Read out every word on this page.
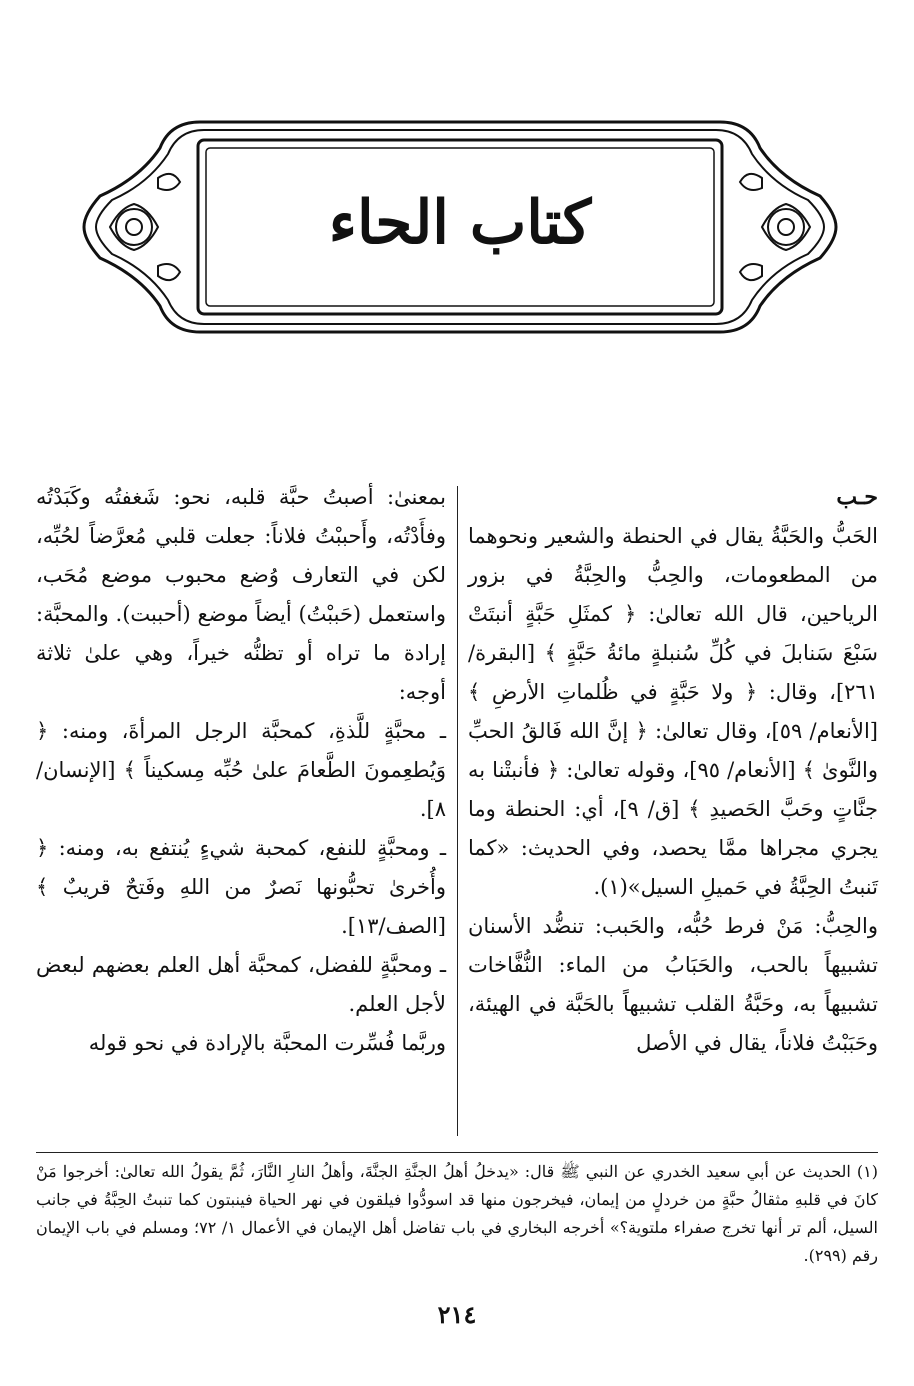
كتاب الحاء

حـب

الحَبُّ والحَبَّةُ يقال في الحنطة والشعير ونحوهما من المطعومات، والحِبُّ والحِبَّةُ في بزور الرياحين، قال الله تعالىٰ: ﴿ كمثَلِ حَبَّةٍ أنبتَتْ سَبْعَ سَنابلَ في كُلِّ سُنبلةٍ مائةُ حَبَّةٍ ﴾ [البقرة/ ٢٦١]، وقال: ﴿ ولا حَبَّةٍ في ظُلماتِ الأرضِ ﴾ [الأنعام/ ٥٩]، وقال تعالىٰ: ﴿ إنَّ الله فَالقُ الحبِّ والنَّوىٰ ﴾ [الأنعام/ ٩٥]، وقوله تعالىٰ: ﴿ فأنبتْنا به جنَّاتٍ وحَبَّ الحَصيدِ ﴾ [ق/ ٩]، أي: الحنطة وما يجري مجراها ممَّا يحصد، وفي الحديث: «كما تَنبتُ الحِبَّةُ في حَميلِ السيل»(١).

والحِبُّ: مَنْ فرط حُبُّه، والحَبب: تنضُّد الأسنان تشبيهاً بالحب، والحَبَابُ من الماء: النُّفَّاخات تشبيهاً به، وحَبَّةُ القلب تشبيهاً بالحَبَّة في الهيئة، وحَبَبْتُ فلاناً، يقال في الأصل

بمعنىٰ: أصبتُ حبَّة قلبه، نحو: شَغفتُه وكَبَدْتُه وفأَدْتُه، وأَحببْتُ فلاناً: جعلت قلبي مُعرَّضاً لحُبِّه، لكن في التعارف وُضع محبوب موضع مُحَب، واستعمل (حَببْتُ) أيضاً موضع (أحببت). والمحبَّة: إرادة ما تراه أو تظنُّه خيراً، وهي علىٰ ثلاثة أوجه:

ـ محبَّةٍ للَّذةِ، كمحبَّة الرجل المرأةَ، ومنه: ﴿ وَيُطعِمونَ الطَّعامَ علىٰ حُبِّه مِسكيناً ﴾ [الإنسان/ ٨].

ـ ومحبَّةٍ للنفع، كمحبة شيءٍ يُنتفع به، ومنه: ﴿ وأُخرىٰ تحبُّونها نَصرٌ من اللهِ وفَتحٌ قريبٌ ﴾ [الصف/١٣].

ـ ومحبَّةٍ للفضل، كمحبَّة أهل العلم بعضهم لبعض لأجل العلم.

وربَّما فُسِّرت المحبَّة بالإرادة في نحو قوله

(١) الحديث عن أبي سعيد الخدري عن النبي ﷺ قال: «يدخلُ أهلُ الجنَّةِ الجنَّةَ، وأهلُ النارِ النَّارَ، ثُمَّ يقولُ الله تعالىٰ: أخرجوا مَنْ كانَ في قلبهِ مثقالُ حبَّةٍ من خردلٍ من إيمان، فيخرجون منها قد اسودُّوا فيلقون في نهر الحياة فينبتون كما تنبتُ الحِبَّةُ في جانب السيل، ألم تر أنها تخرج صفراء ملتوية؟» أخرجه البخاري في باب تفاضل أهل الإيمان في الأعمال ١/ ٧٢؛ ومسلم في باب الإيمان رقم (٢٩٩).

٢١٤
